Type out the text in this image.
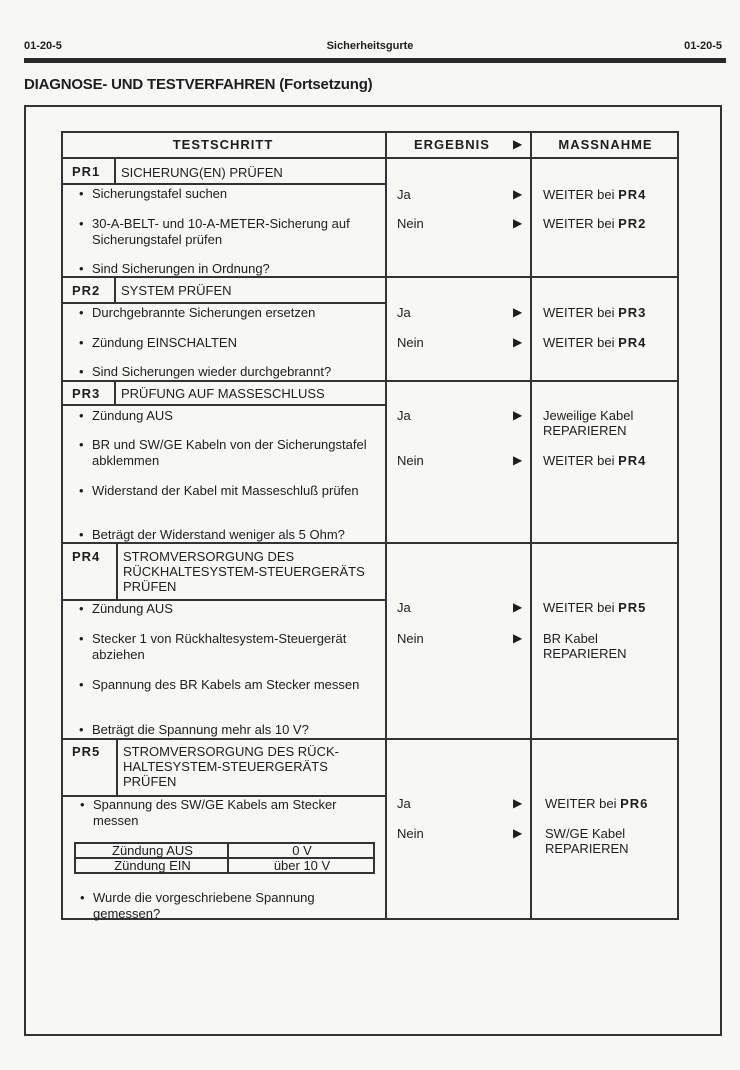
01-20-5	Sicherheitsgurte	01-20-5
DIAGNOSE- UND TESTVERFAHREN (Fortsetzung)
TESTSCHRITT	ERGEBNIS ▶	MASSNAHME
PR1 SICHERUNG(EN) PRÜFEN
• Sicherungstafel suchen
• 30-A-BELT- und 10-A-METER-Sicherung auf Sicherungstafel prüfen
• Sind Sicherungen in Ordnung?
Ja	▶ WEITER bei PR4
Nein	▶ WEITER bei PR2
PR2 SYSTEM PRÜFEN
• Durchgebrannte Sicherungen ersetzen
• Zündung EINSCHALTEN
• Sind Sicherungen wieder durchgebrannt?
Ja	▶ WEITER bei PR3
Nein	▶ WEITER bei PR4
PR3 PRÜFUNG AUF MASSESCHLUSS
• Zündung AUS
• BR und SW/GE Kabeln von der Sicherungstafel abklemmen
• Widerstand der Kabel mit Masseschluß prüfen
• Beträgt der Widerstand weniger als 5 Ohm?
Ja	▶ Jeweilige Kabel
REPARIEREN
Nein	▶ WEITER bei PR4
PR4 STROMVERSORGUNG DES
RÜCKHALTESYSTEM-STEUERGERÄTS
PRÜFEN
• Zündung AUS
• Stecker 1 von Rückhaltesystem-Steuergerät abziehen
• Spannung des BR Kabels am Stecker messen
• Beträgt die Spannung mehr als 10 V?
Ja	▶ WEITER bei PR5
Nein	▶ BR Kabel
REPARIEREN
PR5 STROMVERSORGUNG DES RÜCK-
HALTESYSTEM-STEUERGERÄTS
PRÜFEN
• Spannung des SW/GE Kabels am Stecker messen
Zündung AUS	0 V
Zündung EIN	über 10 V
• Wurde die vorgeschriebene Spannung gemessen?
Ja	▶ WEITER bei PR6
Nein	▶ SW/GE Kabel
REPARIEREN
